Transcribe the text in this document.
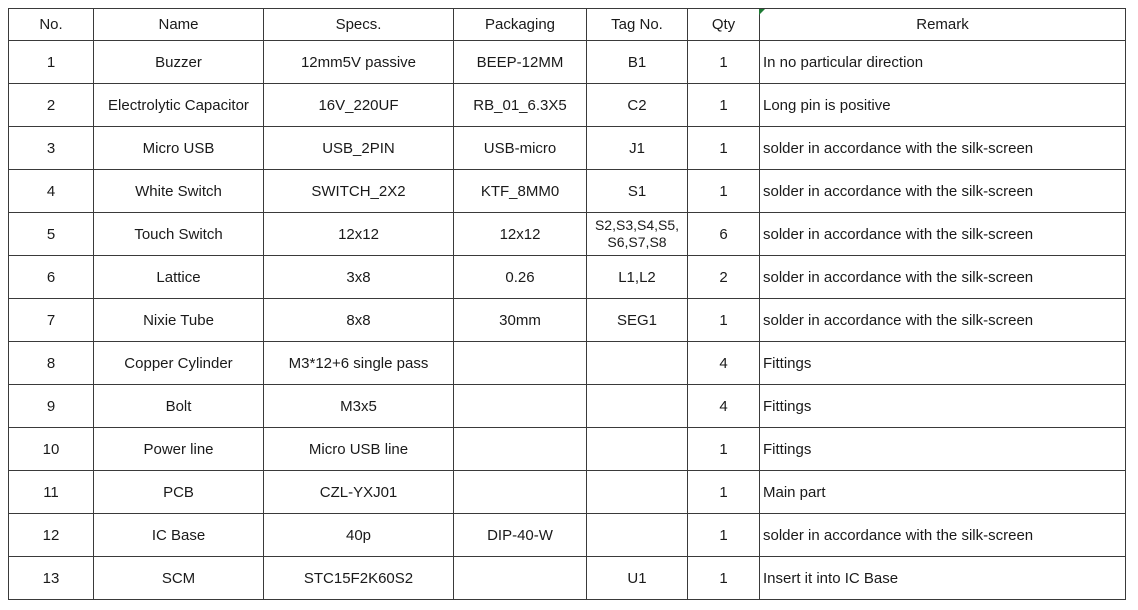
No.	Name	Specs.	Packaging	Tag No.	Qty	Remark
1	Buzzer	12mm5V passive	BEEP-12MM	B1	1	In no particular direction
2	Electrolytic Capacitor	16V_220UF	RB_01_6.3X5	C2	1	Long pin is positive
3	Micro USB	USB_2PIN	USB-micro	J1	1	solder in accordance with the silk-screen
4	White Switch	SWITCH_2X2	KTF_8MM0	S1	1	solder in accordance with the silk-screen
5	Touch Switch	12x12	12x12	S2,S3,S4,S5,
S6,S7,S8	6	solder in accordance with the silk-screen
6	Lattice	3x8	0.26	L1,L2	2	solder in accordance with the silk-screen
7	Nixie Tube	8x8	30mm	SEG1	1	solder in accordance with the silk-screen
8	Copper Cylinder	M3*12+6 single pass			4	Fittings
9	Bolt	M3x5			4	Fittings
10	Power line	Micro USB line			1	Fittings
11	PCB	CZL-YXJ01			1	Main part
12	IC Base	40p	DIP-40-W		1	solder in accordance with the silk-screen
13	SCM	STC15F2K60S2		U1	1	Insert it into IC Base
